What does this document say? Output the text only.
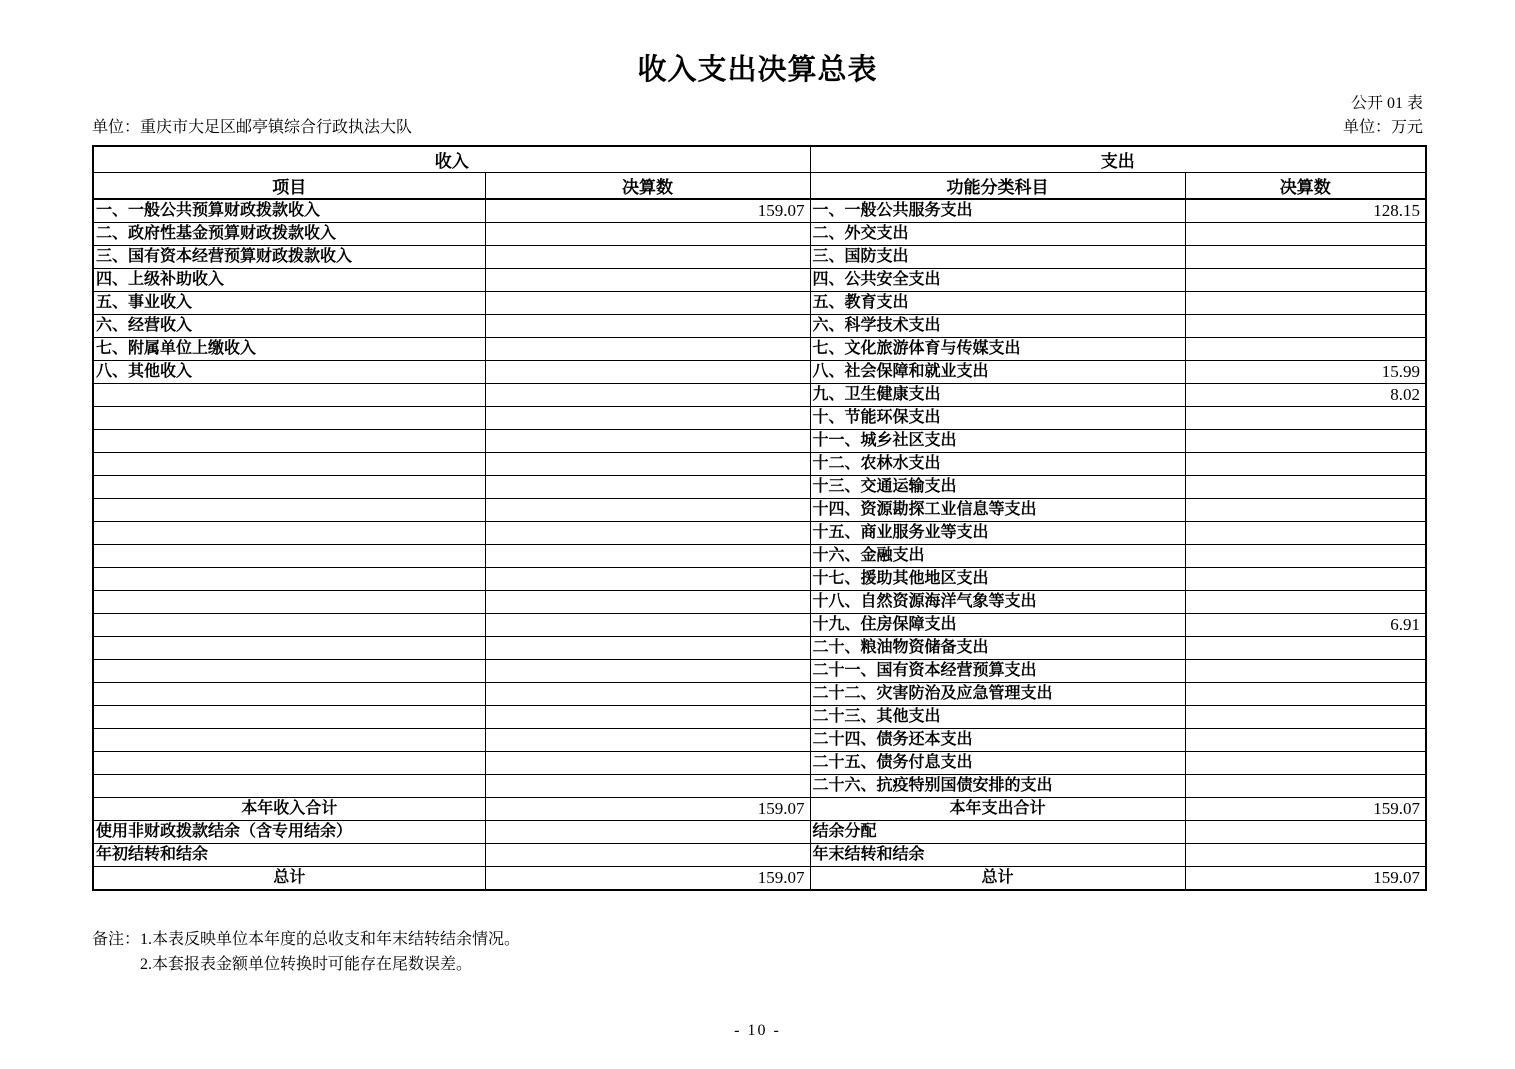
收入支出决算总表
公开 01 表
单位：重庆市大足区邮亭镇综合行政执法大队	单位：万元
收入		支出	
项目	决算数	功能分类科目	决算数
一、一般公共预算财政拨款收入	159.07	一、一般公共服务支出	128.15
二、政府性基金预算财政拨款收入		二、外交支出	
三、国有资本经营预算财政拨款收入		三、国防支出	
四、上级补助收入		四、公共安全支出	
五、事业收入		五、教育支出	
六、经营收入		六、科学技术支出	
七、附属单位上缴收入		七、文化旅游体育与传媒支出	
八、其他收入		八、社会保障和就业支出	15.99
		九、卫生健康支出	8.02
		十、节能环保支出	
		十一、城乡社区支出	
		十二、农林水支出	
		十三、交通运输支出	
		十四、资源勘探工业信息等支出	
		十五、商业服务业等支出	
		十六、金融支出	
		十七、援助其他地区支出	
		十八、自然资源海洋气象等支出	
		十九、住房保障支出	6.91
		二十、粮油物资储备支出	
		二十一、国有资本经营预算支出	
		二十二、灾害防治及应急管理支出	
		二十三、其他支出	
		二十四、债务还本支出	
		二十五、债务付息支出	
		二十六、抗疫特别国债安排的支出	
本年收入合计	159.07	本年支出合计	159.07
使用非财政拨款结余（含专用结余）		结余分配	
年初结转和结余		年末结转和结余	
总计	159.07	总计	159.07
备注：1.本表反映单位本年度的总收支和年末结转结余情况。
2.本套报表金额单位转换时可能存在尾数误差。
- 10 -
